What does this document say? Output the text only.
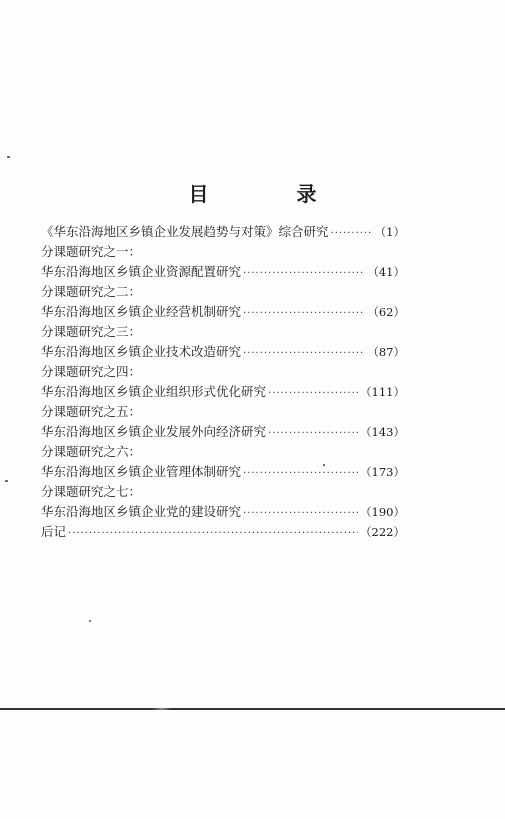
目　录
《华东沿海地区乡镇企业发展趋势与对策》综合研究 ·····	（1）
分课题研究之一：
华东沿海地区乡镇企业资源配置研究 ·····	（41）
分课题研究之二：
华东沿海地区乡镇企业经营机制研究 ·····	（62）
分课题研究之三：
华东沿海地区乡镇企业技术改造研究 ·····	（87）
分课题研究之四：
华东沿海地区乡镇企业组织形式优化研究 ·····	（111）
分课题研究之五：
华东沿海地区乡镇企业发展外向经济研究 ·····	（143）
分课题研究之六：
华东沿海地区乡镇企业管理体制研究 ·····	（173）
分课题研究之七：
华东沿海地区乡镇企业党的建设研究 ·····	（190）
后记 ·····	（222）
